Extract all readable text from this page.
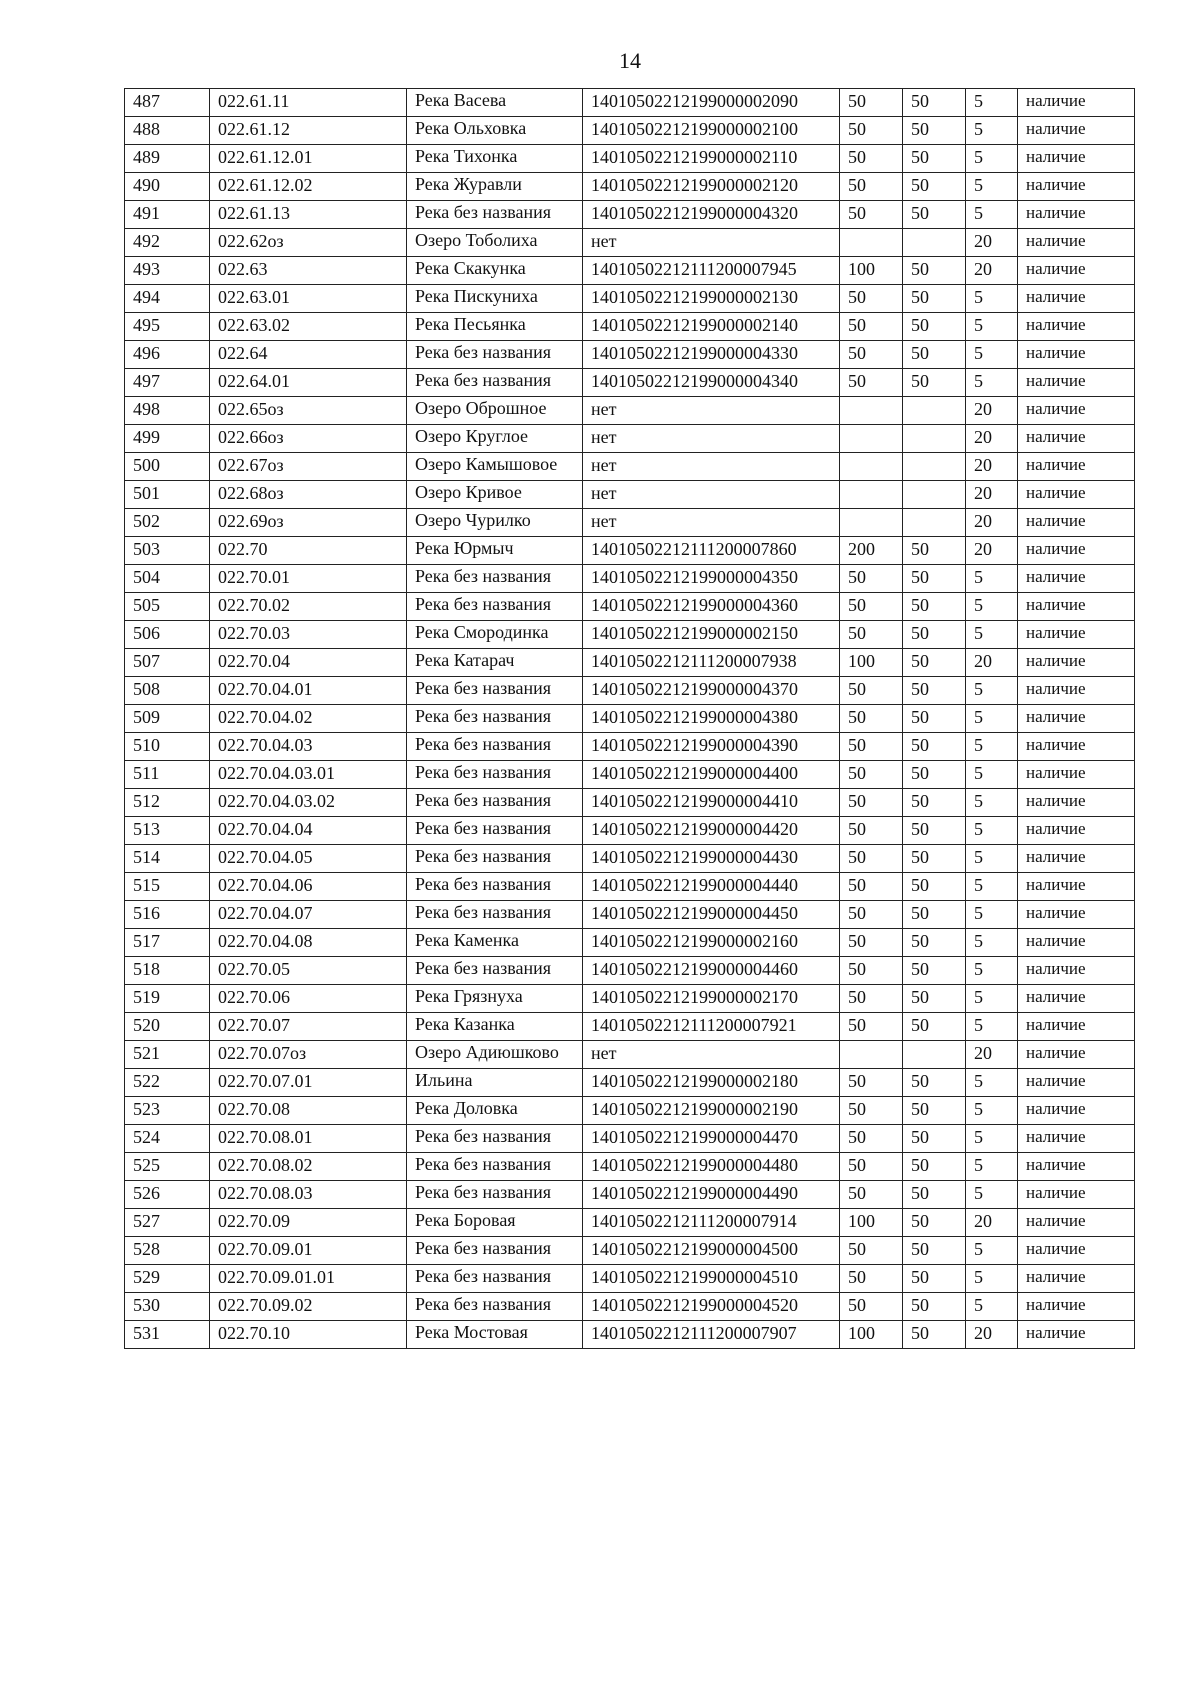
14
487	022.61.11	Река Васева	14010502212199000002090	50	50	5	наличие
488	022.61.12	Река Ольховка	14010502212199000002100	50	50	5	наличие
489	022.61.12.01	Река Тихонка	14010502212199000002110	50	50	5	наличие
490	022.61.12.02	Река Журавли	14010502212199000002120	50	50	5	наличие
491	022.61.13	Река без названия	14010502212199000004320	50	50	5	наличие
492	022.62оз	Озеро Тоболиха	нет			20	наличие
493	022.63	Река Скакунка	14010502212111200007945	100	50	20	наличие
494	022.63.01	Река Пискуниха	14010502212199000002130	50	50	5	наличие
495	022.63.02	Река Песьянка	14010502212199000002140	50	50	5	наличие
496	022.64	Река без названия	14010502212199000004330	50	50	5	наличие
497	022.64.01	Река без названия	14010502212199000004340	50	50	5	наличие
498	022.65оз	Озеро Оброшное	нет			20	наличие
499	022.66оз	Озеро Круглое	нет			20	наличие
500	022.67оз	Озеро Камышовое	нет			20	наличие
501	022.68оз	Озеро Кривое	нет			20	наличие
502	022.69оз	Озеро Чурилко	нет			20	наличие
503	022.70	Река Юрмыч	14010502212111200007860	200	50	20	наличие
504	022.70.01	Река без названия	14010502212199000004350	50	50	5	наличие
505	022.70.02	Река без названия	14010502212199000004360	50	50	5	наличие
506	022.70.03	Река Смородинка	14010502212199000002150	50	50	5	наличие
507	022.70.04	Река Катарач	14010502212111200007938	100	50	20	наличие
508	022.70.04.01	Река без названия	14010502212199000004370	50	50	5	наличие
509	022.70.04.02	Река без названия	14010502212199000004380	50	50	5	наличие
510	022.70.04.03	Река без названия	14010502212199000004390	50	50	5	наличие
511	022.70.04.03.01	Река без названия	14010502212199000004400	50	50	5	наличие
512	022.70.04.03.02	Река без названия	14010502212199000004410	50	50	5	наличие
513	022.70.04.04	Река без названия	14010502212199000004420	50	50	5	наличие
514	022.70.04.05	Река без названия	14010502212199000004430	50	50	5	наличие
515	022.70.04.06	Река без названия	14010502212199000004440	50	50	5	наличие
516	022.70.04.07	Река без названия	14010502212199000004450	50	50	5	наличие
517	022.70.04.08	Река Каменка	14010502212199000002160	50	50	5	наличие
518	022.70.05	Река без названия	14010502212199000004460	50	50	5	наличие
519	022.70.06	Река Грязнуха	14010502212199000002170	50	50	5	наличие
520	022.70.07	Река Казанка	14010502212111200007921	50	50	5	наличие
521	022.70.07оз	Озеро Адиюшково	нет			20	наличие
522	022.70.07.01	Ильина	14010502212199000002180	50	50	5	наличие
523	022.70.08	Река Доловка	14010502212199000002190	50	50	5	наличие
524	022.70.08.01	Река без названия	14010502212199000004470	50	50	5	наличие
525	022.70.08.02	Река без названия	14010502212199000004480	50	50	5	наличие
526	022.70.08.03	Река без названия	14010502212199000004490	50	50	5	наличие
527	022.70.09	Река Боровая	14010502212111200007914	100	50	20	наличие
528	022.70.09.01	Река без названия	14010502212199000004500	50	50	5	наличие
529	022.70.09.01.01	Река без названия	14010502212199000004510	50	50	5	наличие
530	022.70.09.02	Река без названия	14010502212199000004520	50	50	5	наличие
531	022.70.10	Река Мостовая	14010502212111200007907	100	50	20	наличие
